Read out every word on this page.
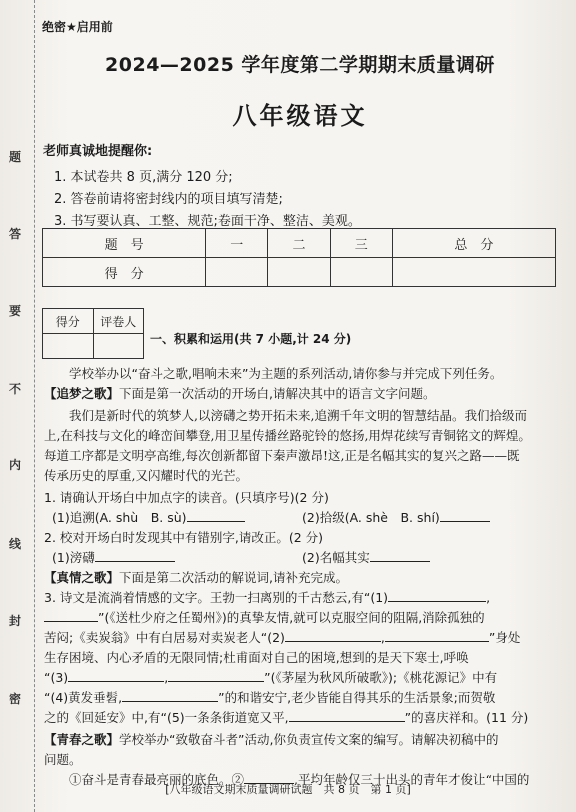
题
答
要
不
内
线
封
密
绝密★启用前
2024—2025 学年度第二学期期末质量调研
八年级语文
老师真诚地提醒你:
1. 本试卷共 8 页,满分 120 分;
2. 答卷前请将密封线内的项目填写清楚;
3. 书写要认真、工整、规范;卷面干净、整洁、美观。
题　号	一	二	三	总　分
得　分				
得分	评卷人

一、积累和运用(共 7 小题,计 24 分)
学校举办以“奋斗之歌,唱响未来”为主题的系列活动,请你参与并完成下列任务。
【追梦之歌】下面是第一次活动的开场白,请解决其中的语言文字问题。
我们是新时代的筑梦人,以滂礴之势开拓未来,追溯千年文明的智慧结晶。我们拾级而
上,在科技与文化的峰峦间攀登,用卫星传播丝路驼铃的悠扬,用焊花续写青铜铭文的辉煌。
每道工序都是文明亭高维,每次创新都留下秦声激昂!这,正是名幅其实的复兴之路——既
传承历史的厚重,又闪耀时代的光芒。
1. 请确认开场白中加点字的读音。(只填序号)(2 分)
(1)追溯(A. shù　B. sù)	(2)拾级(A. shè　B. shí)
2. 校对开场白时发现其中有错别字,请改正。(2 分)
(1)滂礴	(2)名幅其实
【真情之歌】下面是第二次活动的解说词,请补充完成。
3. 诗文是流淌着情感的文字。王勃一扫离别的千古愁云,有“(1)	,
”(《送杜少府之任蜀州》)的真挚友情,就可以克服空间的阻隔,消除孤独的
苦闷;《卖炭翁》中有白居易对卖炭老人“(2)	,	”身处
生存困境、内心矛盾的无限同情;杜甫面对自己的困境,想到的是天下寒士,呼唤
“(3)	,	”(《茅屋为秋风所破歌》);《桃花源记》中有
“(4)黄发垂髫,	”的和谐安宁,老少皆能自得其乐的生活景象;而贺敬
之的《回延安》中,有“(5)一条条街道宽又平,	”的喜庆祥和。(11 分)
【青春之歌】学校举办“致敬奋斗者”活动,你负责宣传文案的编写。请解决初稿中的
问题。
①奋斗是青春最亮丽的底色。②	,平均年龄仅三十出头的青年才俊让“中国的
[八年级语文期末质量调研试题　共 8 页　第 1 页]
